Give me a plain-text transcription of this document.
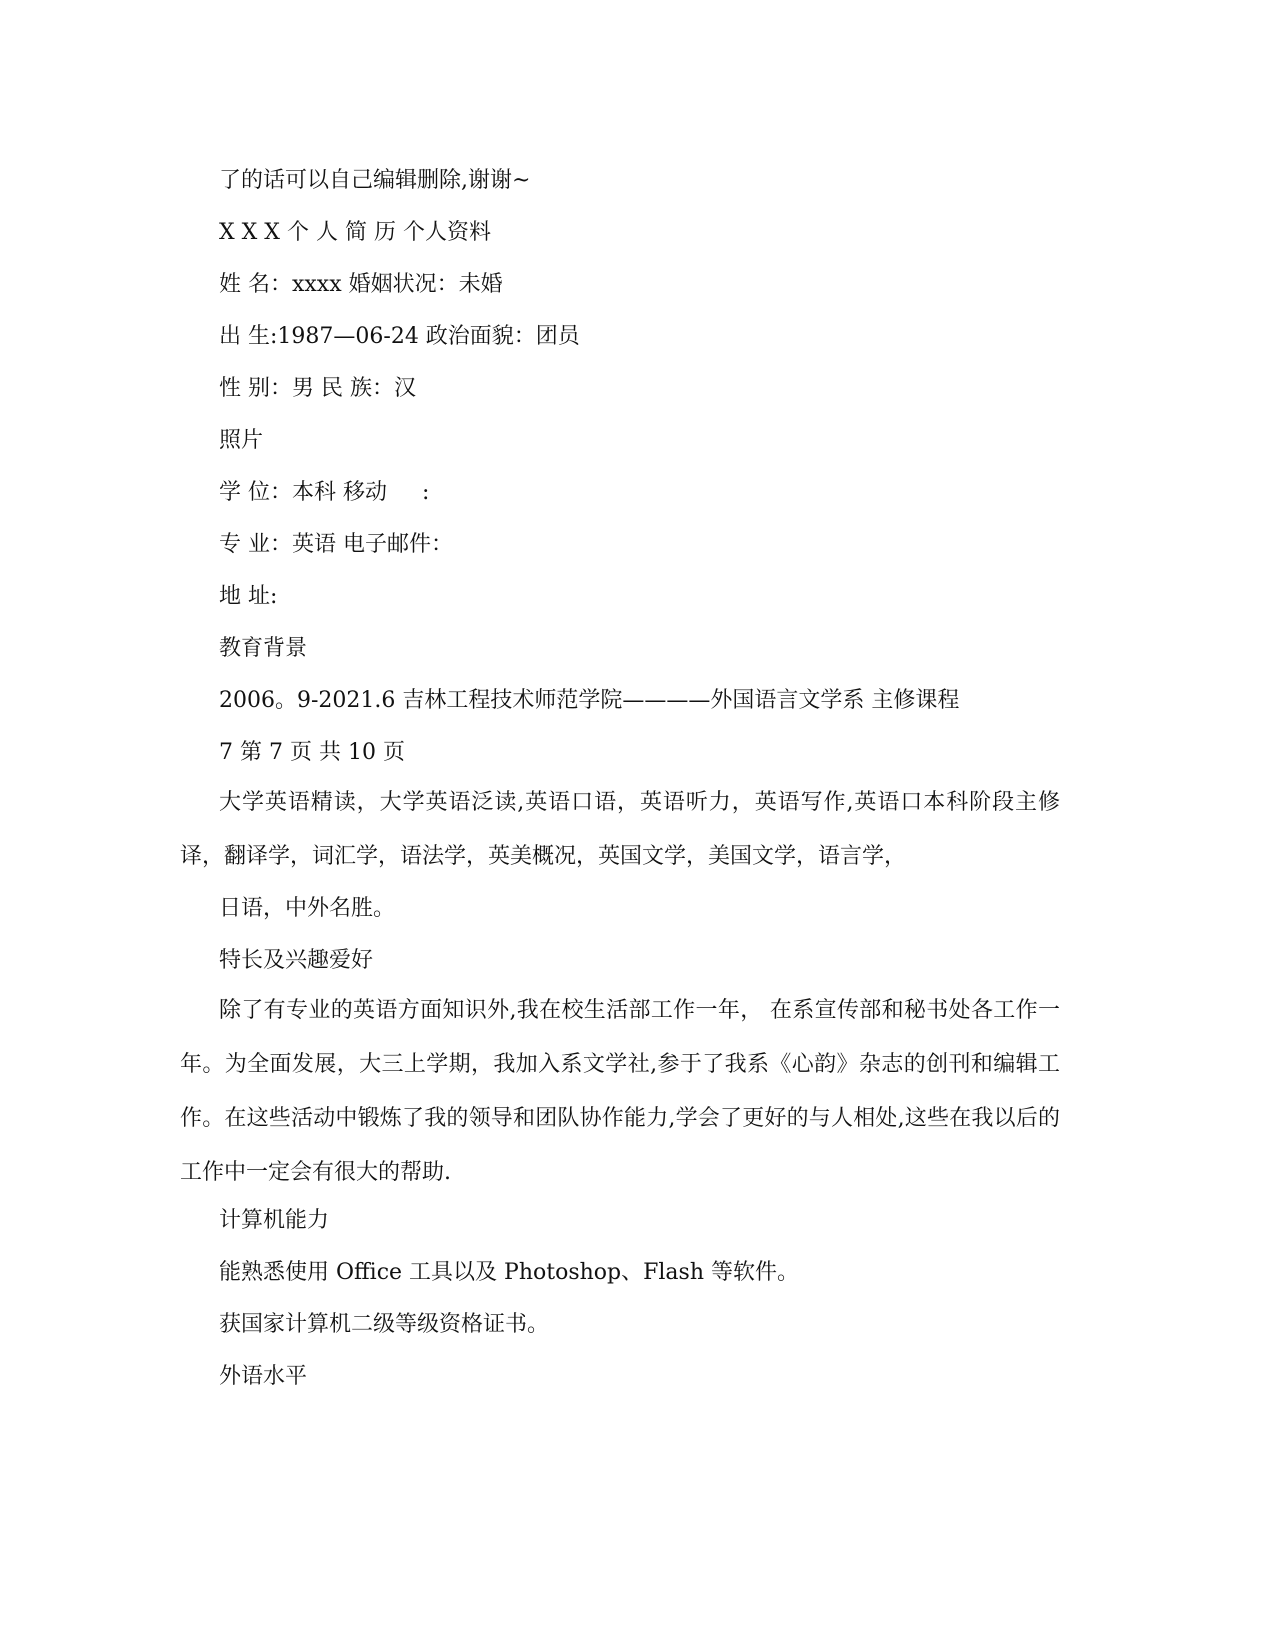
了的话可以自己编辑删除,谢谢~
X X X 个 人 简 历 个人资料
姓 名：xxxx 婚姻状况：未婚
出 生:1987—06-24 政治面貌：团员
性 别：男 民 族：汉
照片
学 位：本科 移动     :
专 业：英语 电子邮件：
地 址:
教育背景
2006。9-2021.6 吉林工程技术师范学院————外国语言文学系 主修课程
7 第 7 页 共 10 页
大学英语精读，大学英语泛读,英语口语，英语听力，英语写作,英语口本科阶段主修 译，翻译学，词汇学，语法学，英美概况，英国文学，美国文学，语言学，
日语，中外名胜。
特长及兴趣爱好
除了有专业的英语方面知识外,我在校生活部工作一年， 在系宣传部和秘书处各工作一年。为全面发展，大三上学期，我加入系文学社,参于了我系《心韵》杂志的创刊和编辑工作。在这些活动中锻炼了我的领导和团队协作能力,学会了更好的与人相处,这些在我以后的工作中一定会有很大的帮助.
计算机能力
能熟悉使用 Office 工具以及 Photoshop、Flash 等软件。
获国家计算机二级等级资格证书。
外语水平
